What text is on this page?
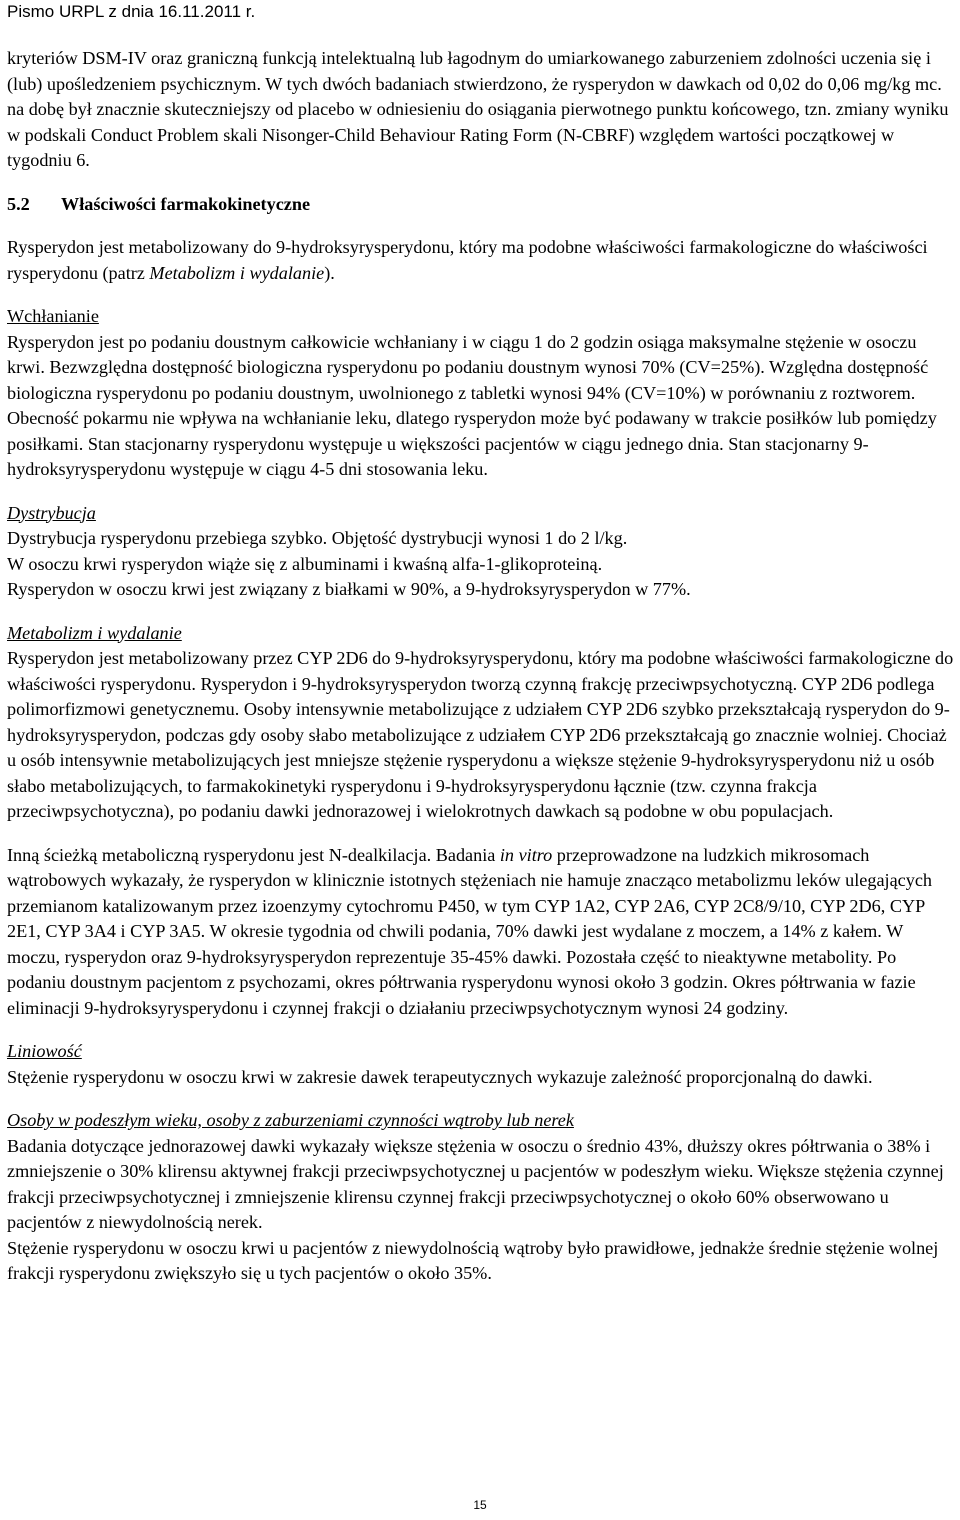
Pismo URPL z dnia 16.11.2011 r.

kryteriów DSM-IV oraz graniczną funkcją intelektualną lub łagodnym do umiarkowanego zaburzeniem zdolności uczenia się i (lub) upośledzeniem psychicznym. W tych dwóch badaniach stwierdzono, że rysperydon w dawkach od 0,02 do 0,06 mg/kg mc. na dobę był znacznie skuteczniejszy od placebo w odniesieniu do osiągania pierwotnego punktu końcowego, tzn. zmiany wyniku w podskali Conduct Problem skali Nisonger-Child Behaviour Rating Form (N-CBRF) względem wartości początkowej w tygodniu 6.

5.2 Właściwości farmakokinetyczne

Rysperydon jest metabolizowany do 9-hydroksyrysperydonu, który ma podobne właściwości farmakologiczne do właściwości rysperydonu (patrz Metabolizm i wydalanie).

Wchłanianie

Rysperydon jest po podaniu doustnym całkowicie wchłaniany i w ciągu 1 do 2 godzin osiąga maksymalne stężenie w osoczu krwi. Bezwzględna dostępność biologiczna rysperydonu po podaniu doustnym wynosi 70% (CV=25%). Względna dostępność biologiczna rysperydonu po podaniu doustnym, uwolnionego z tabletki wynosi 94% (CV=10%) w porównaniu z roztworem.

Obecność pokarmu nie wpływa na wchłanianie leku, dlatego rysperydon może być podawany w trakcie posiłków lub pomiędzy posiłkami. Stan stacjonarny rysperydonu występuje u większości pacjentów w ciągu jednego dnia. Stan stacjonarny 9-hydroksyrysperydonu występuje w ciągu 4-5 dni stosowania leku.

Dystrybucja

Dystrybucja rysperydonu przebiega szybko. Objętość dystrybucji wynosi 1 do 2 l/kg.

W osoczu krwi rysperydon wiąże się z albuminami i kwaśną alfa-1-glikoproteiną.

Rysperydon w osoczu krwi jest związany z białkami w 90%, a 9-hydroksyrysperydon w 77%.

Metabolizm i wydalanie

Rysperydon jest metabolizowany przez CYP 2D6 do 9-hydroksyrysperydonu, który ma podobne właściwości farmakologiczne do właściwości rysperydonu. Rysperydon i 9-hydroksyrysperydon tworzą czynną frakcję przeciwpsychotyczną. CYP 2D6 podlega polimorfizmowi genetycznemu. Osoby intensywnie metabolizujące z udziałem CYP 2D6 szybko przekształcają rysperydon do 9-hydroksyrysperydon, podczas gdy osoby słabo metabolizujące z udziałem CYP 2D6 przekształcają go znacznie wolniej. Chociaż u osób intensywnie metabolizujących jest mniejsze stężenie rysperydonu a większe stężenie 9-hydroksyrysperydonu niż u osób słabo metabolizujących, to farmakokinetyki rysperydonu i 9-hydroksyrysperydonu łącznie (tzw. czynna frakcja przeciwpsychotyczna), po podaniu dawki jednorazowej i wielokrotnych dawkach są podobne w obu populacjach.

Inną ścieżką metaboliczną rysperydonu jest N-dealkilacja. Badania in vitro przeprowadzone na ludzkich mikrosomach wątrobowych wykazały, że rysperydon w klinicznie istotnych stężeniach nie hamuje znacząco metabolizmu leków ulegających przemianom katalizowanym przez izoenzymy cytochromu P450, w tym CYP 1A2, CYP 2A6, CYP 2C8/9/10, CYP 2D6, CYP 2E1, CYP 3A4 i CYP 3A5. W okresie tygodnia od chwili podania, 70% dawki jest wydalane z moczem, a 14% z kałem. W moczu, rysperydon oraz 9-hydroksyrysperydon reprezentuje 35-45% dawki. Pozostała część to nieaktywne metabolity. Po podaniu doustnym pacjentom z psychozami, okres półtrwania rysperydonu wynosi około 3 godzin. Okres półtrwania w fazie eliminacji 9-hydroksyrysperydonu i czynnej frakcji o działaniu przeciwpsychotycznym wynosi 24 godziny.

Liniowość

Stężenie rysperydonu w osoczu krwi w zakresie dawek terapeutycznych wykazuje zależność proporcjonalną do dawki.

Osoby w podeszłym wieku, osoby z zaburzeniami czynności wątroby lub nerek

Badania dotyczące jednorazowej dawki wykazały większe stężenia w osoczu o średnio 43%, dłuższy okres półtrwania o 38% i zmniejszenie o 30% klirensu aktywnej frakcji przeciwpsychotycznej u pacjentów w podeszłym wieku. Większe stężenia czynnej frakcji przeciwpsychotycznej i zmniejszenie klirensu czynnej frakcji przeciwpsychotycznej o około 60% obserwowano u pacjentów z niewydolnością nerek.

Stężenie rysperydonu w osoczu krwi u pacjentów z niewydolnością wątroby było prawidłowe, jednakże średnie stężenie wolnej frakcji rysperydonu zwiększyło się u tych pacjentów o około 35%.

15
